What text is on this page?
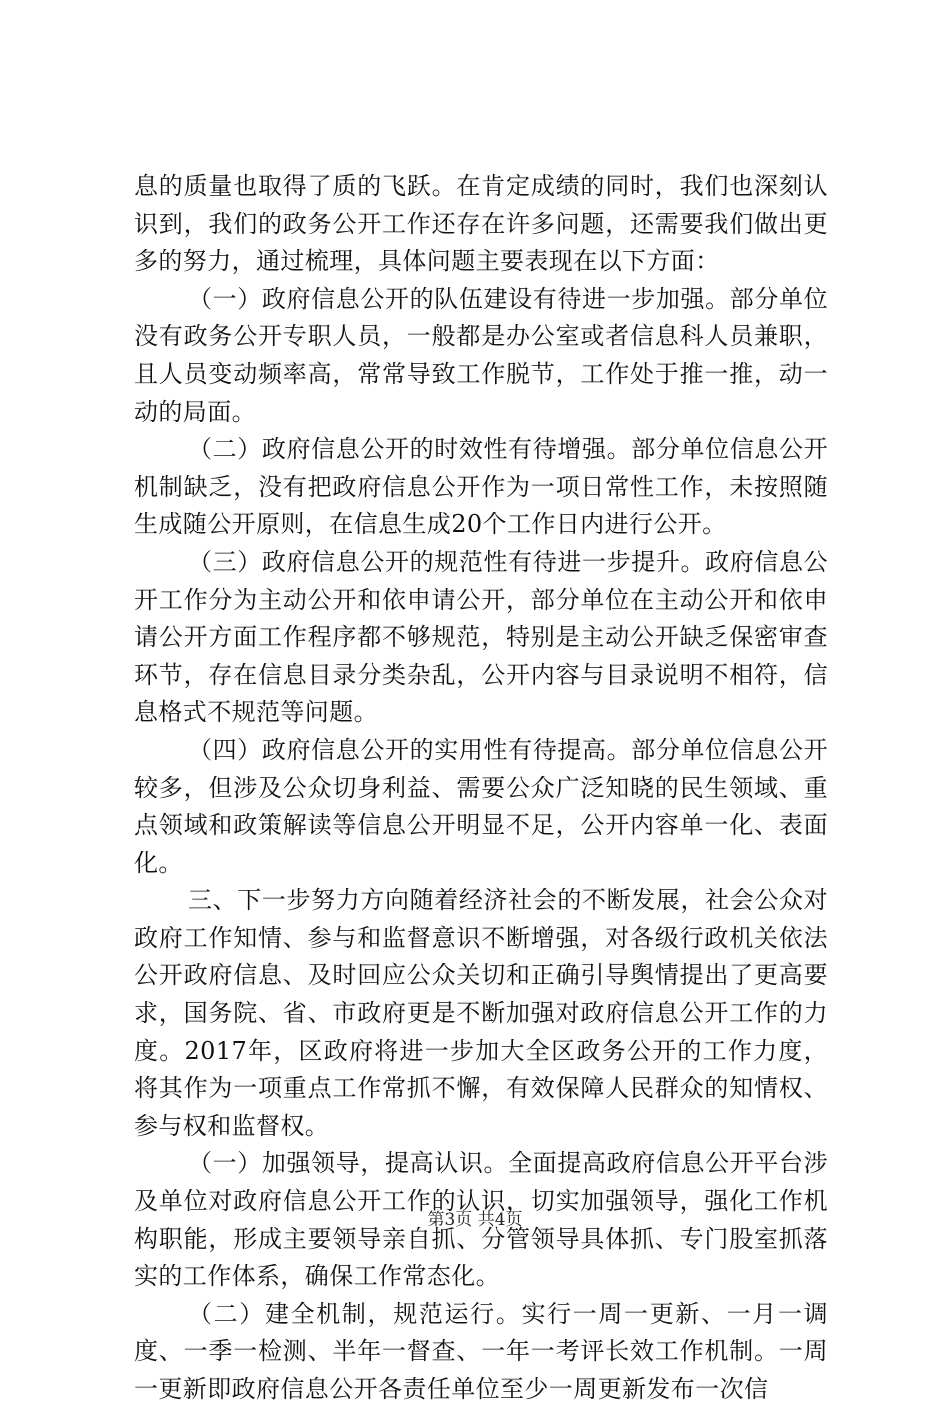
息的质量也取得了质的飞跃。在肯定成绩的同时，我们也深刻认识到，我们的政务公开工作还存在许多问题，还需要我们做出更多的努力，通过梳理，具体问题主要表现在以下方面：

（一）政府信息公开的队伍建设有待进一步加强。部分单位没有政务公开专职人员，一般都是办公室或者信息科人员兼职，且人员变动频率高，常常导致工作脱节，工作处于推一推，动一动的局面。

（二）政府信息公开的时效性有待增强。部分单位信息公开机制缺乏，没有把政府信息公开作为一项日常性工作，未按照随生成随公开原则，在信息生成20个工作日内进行公开。

（三）政府信息公开的规范性有待进一步提升。政府信息公开工作分为主动公开和依申请公开，部分单位在主动公开和依申请公开方面工作程序都不够规范，特别是主动公开缺乏保密审查环节，存在信息目录分类杂乱，公开内容与目录说明不相符，信息格式不规范等问题。

（四）政府信息公开的实用性有待提高。部分单位信息公开较多，但涉及公众切身利益、需要公众广泛知晓的民生领域、重点领域和政策解读等信息公开明显不足，公开内容单一化、表面化。

三、下一步努力方向随着经济社会的不断发展，社会公众对政府工作知情、参与和监督意识不断增强，对各级行政机关依法公开政府信息、及时回应公众关切和正确引导舆情提出了更高要求，国务院、省、市政府更是不断加强对政府信息公开工作的力度。2017年，区政府将进一步加大全区政务公开的工作力度，将其作为一项重点工作常抓不懈，有效保障人民群众的知情权、参与权和监督权。

（一）加强领导，提高认识。全面提高政府信息公开平台涉及单位对政府信息公开工作的认识，切实加强领导，强化工作机构职能，形成主要领导亲自抓、分管领导具体抓、专门股室抓落实的工作体系，确保工作常态化。

（二）建全机制，规范运行。实行一周一更新、一月一调度、一季一检测、半年一督查、一年一考评长效工作机制。一周一更新即政府信息公开各责任单位至少一周更新发布一次信

第3页 共4页
